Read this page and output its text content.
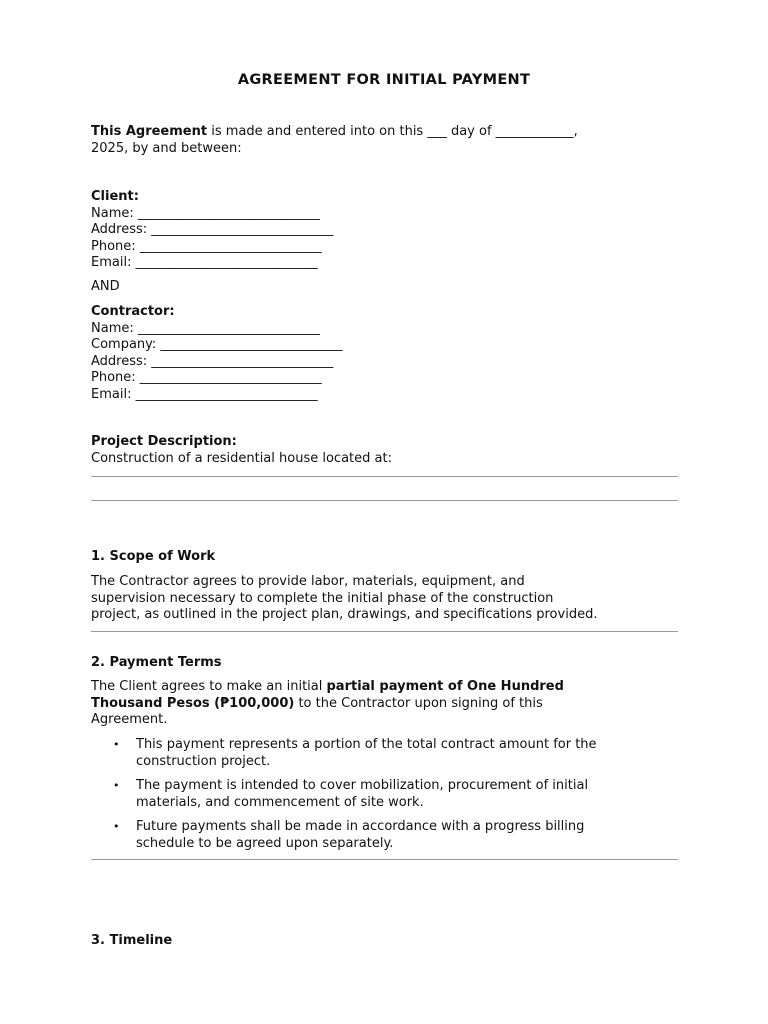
AGREEMENT FOR INITIAL PAYMENT
This Agreement is made and entered into on this ___ day of ____________,
2025, by and between:
Client:
Name: ____________________________
Address: ____________________________
Phone: ____________________________
Email: ____________________________
AND
Contractor:
Name: ____________________________
Company: ____________________________
Address: ____________________________
Phone: ____________________________
Email: ____________________________
Project Description:
Construction of a residential house located at:
1. Scope of Work
The Contractor agrees to provide labor, materials, equipment, and
supervision necessary to complete the initial phase of the construction
project, as outlined in the project plan, drawings, and specifications provided.
2. Payment Terms
The Client agrees to make an initial partial payment of One Hundred
Thousand Pesos (₱100,000) to the Contractor upon signing of this
Agreement.
• This payment represents a portion of the total contract amount for the
construction project.
• The payment is intended to cover mobilization, procurement of initial
materials, and commencement of site work.
• Future payments shall be made in accordance with a progress billing
schedule to be agreed upon separately.
3. Timeline
